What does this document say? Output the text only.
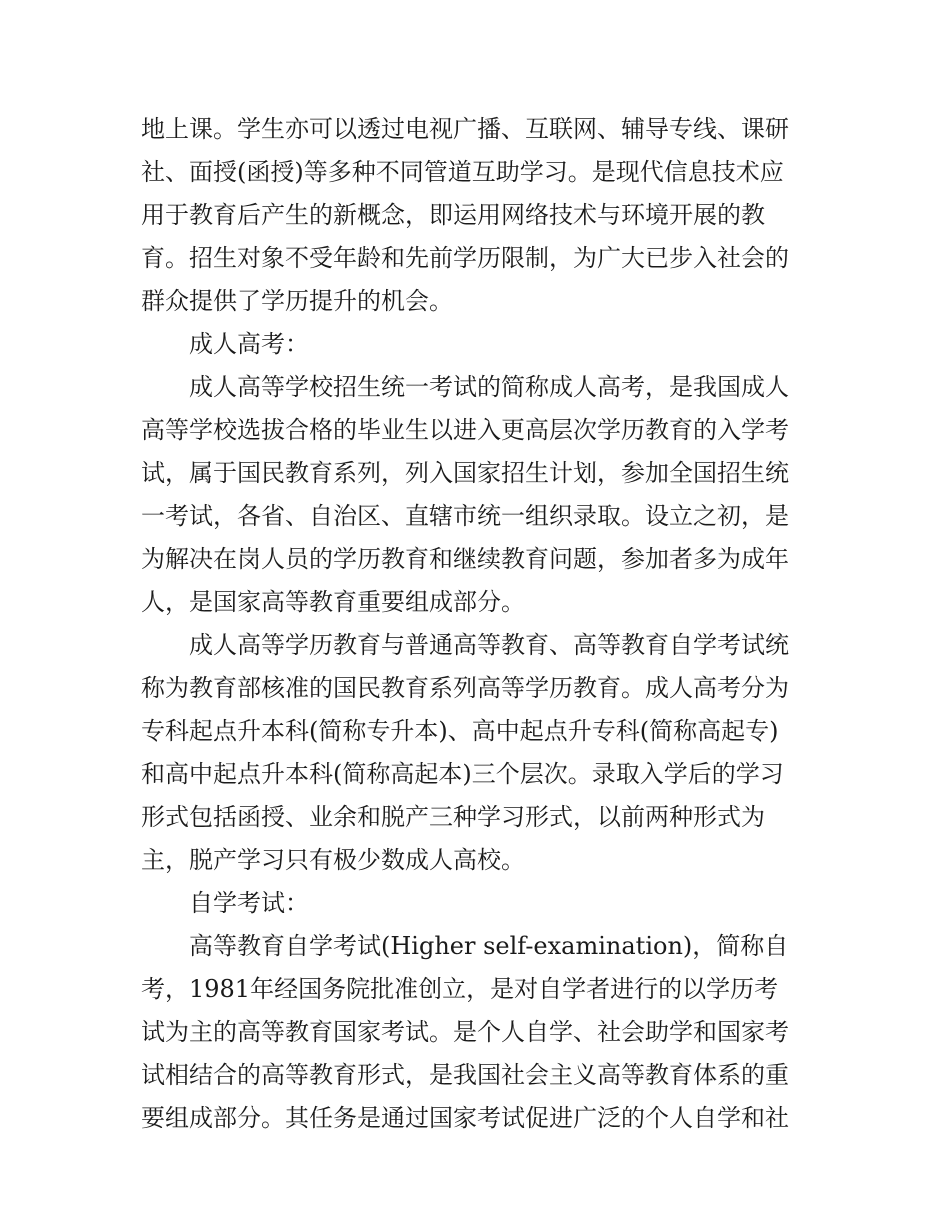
地上课。学生亦可以透过电视广播、互联网、辅导专线、课研
社、面授(函授)等多种不同管道互助学习。是现代信息技术应
用于教育后产生的新概念，即运用网络技术与环境开展的教
育。招生对象不受年龄和先前学历限制，为广大已步入社会的
群众提供了学历提升的机会。
成人高考：
成人高等学校招生统一考试的简称成人高考，是我国成人
高等学校选拔合格的毕业生以进入更高层次学历教育的入学考
试，属于国民教育系列，列入国家招生计划，参加全国招生统
一考试，各省、自治区、直辖市统一组织录取。设立之初，是
为解决在岗人员的学历教育和继续教育问题，参加者多为成年
人，是国家高等教育重要组成部分。
成人高等学历教育与普通高等教育、高等教育自学考试统
称为教育部核准的国民教育系列高等学历教育。成人高考分为
专科起点升本科(简称专升本)、高中起点升专科(简称高起专)
和高中起点升本科(简称高起本)三个层次。录取入学后的学习
形式包括函授、业余和脱产三种学习形式，以前两种形式为
主，脱产学习只有极少数成人高校。
自学考试：
高等教育自学考试(Higher self-examination)，简称自
考，1981年经国务院批准创立，是对自学者进行的以学历考
试为主的高等教育国家考试。是个人自学、社会助学和国家考
试相结合的高等教育形式，是我国社会主义高等教育体系的重
要组成部分。其任务是通过国家考试促进广泛的个人自学和社
